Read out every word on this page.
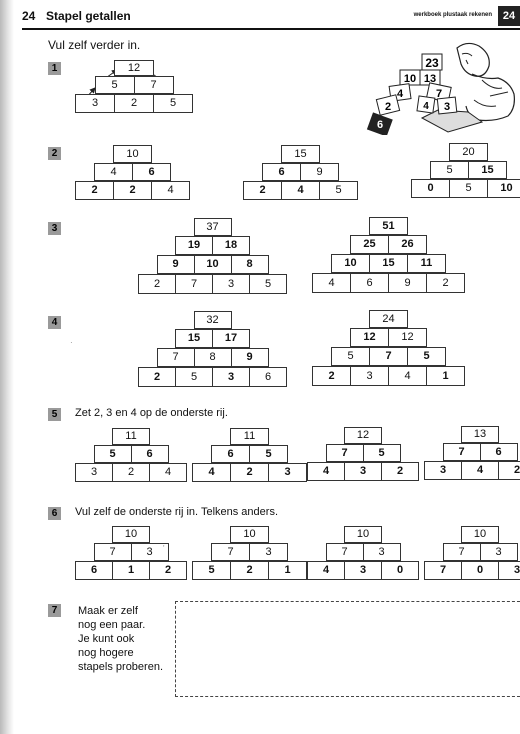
24 Stapel getallen	werkboek plustaak rekenen 24
Vul zelf verder in.
1
2
3
4
5
6
7
Zet 2, 3 en 4 op de onderste rij.
Vul zelf de onderste rij in. Telkens anders.
23
10 13
4	7
2	3
4
6
12
5	7
3	2	5
10
4	6
2	2	4
15
6	9
2	4	5
20
5	15
0	5	10
37
19	18
9	10	8
2	7	3	5
51
25	26
10	15	11
4	6	9	2
32
15	17
7	8	9
2	5	3	6
24
12	12
5	7	5
2	3	4	1
11
5	6
3	2	4
11
6	5
4	2	3
12
7	5
4	3	2
13
7	6
3	4	2
10
7	3
6	1	2
10
7	3
5	2	1
10
7	3
4	3	0
10
7	3
7	0	3
Maak er zelf
nog een paar.
Je kunt ook
nog hogere
stapels proberen.
·
'
